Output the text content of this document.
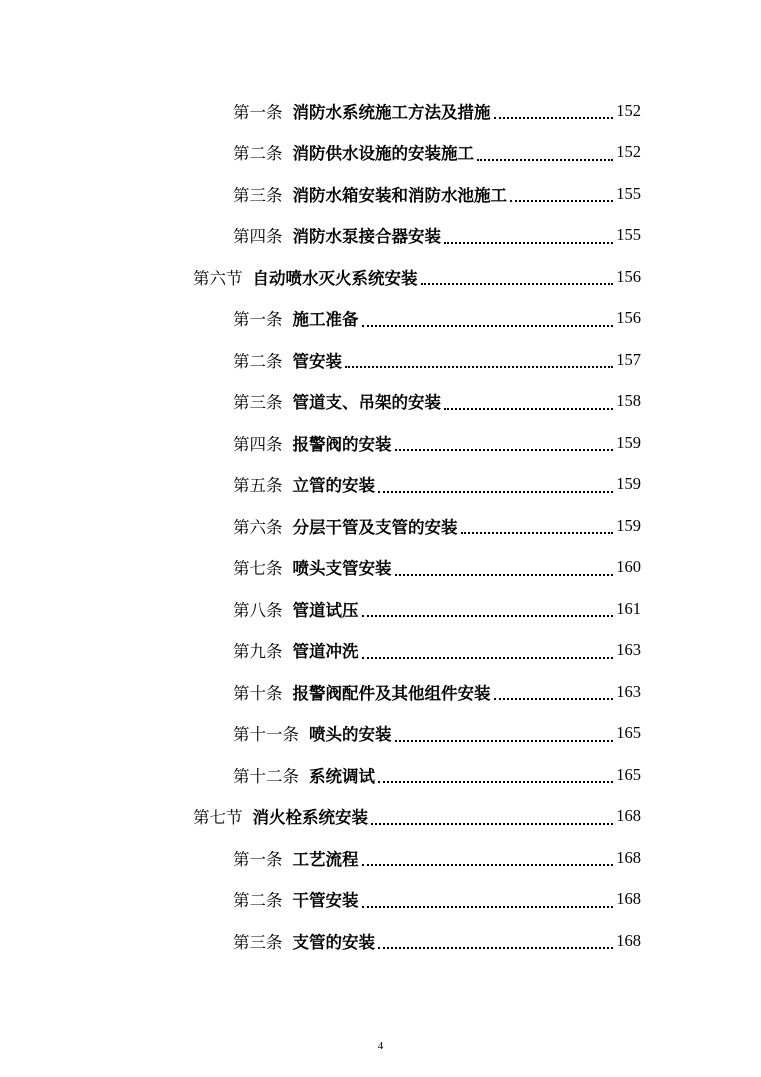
第一条 消防水系统施工方法及措施	152
第二条 消防供水设施的安装施工	152
第三条 消防水箱安装和消防水池施工	155
第四条 消防水泵接合器安装	155
第六节 自动喷水灭火系统安装	156
第一条 施工准备	156
第二条 管安装	157
第三条 管道支、吊架的安装	158
第四条 报警阀的安装	159
第五条 立管的安装	159
第六条 分层干管及支管的安装	159
第七条 喷头支管安装	160
第八条 管道试压	161
第九条 管道冲洗	163
第十条 报警阀配件及其他组件安装	163
第十一条 喷头的安装	165
第十二条 系统调试	165
第七节 消火栓系统安装	168
第一条 工艺流程	168
第二条 干管安装	168
第三条 支管的安装	168
4
